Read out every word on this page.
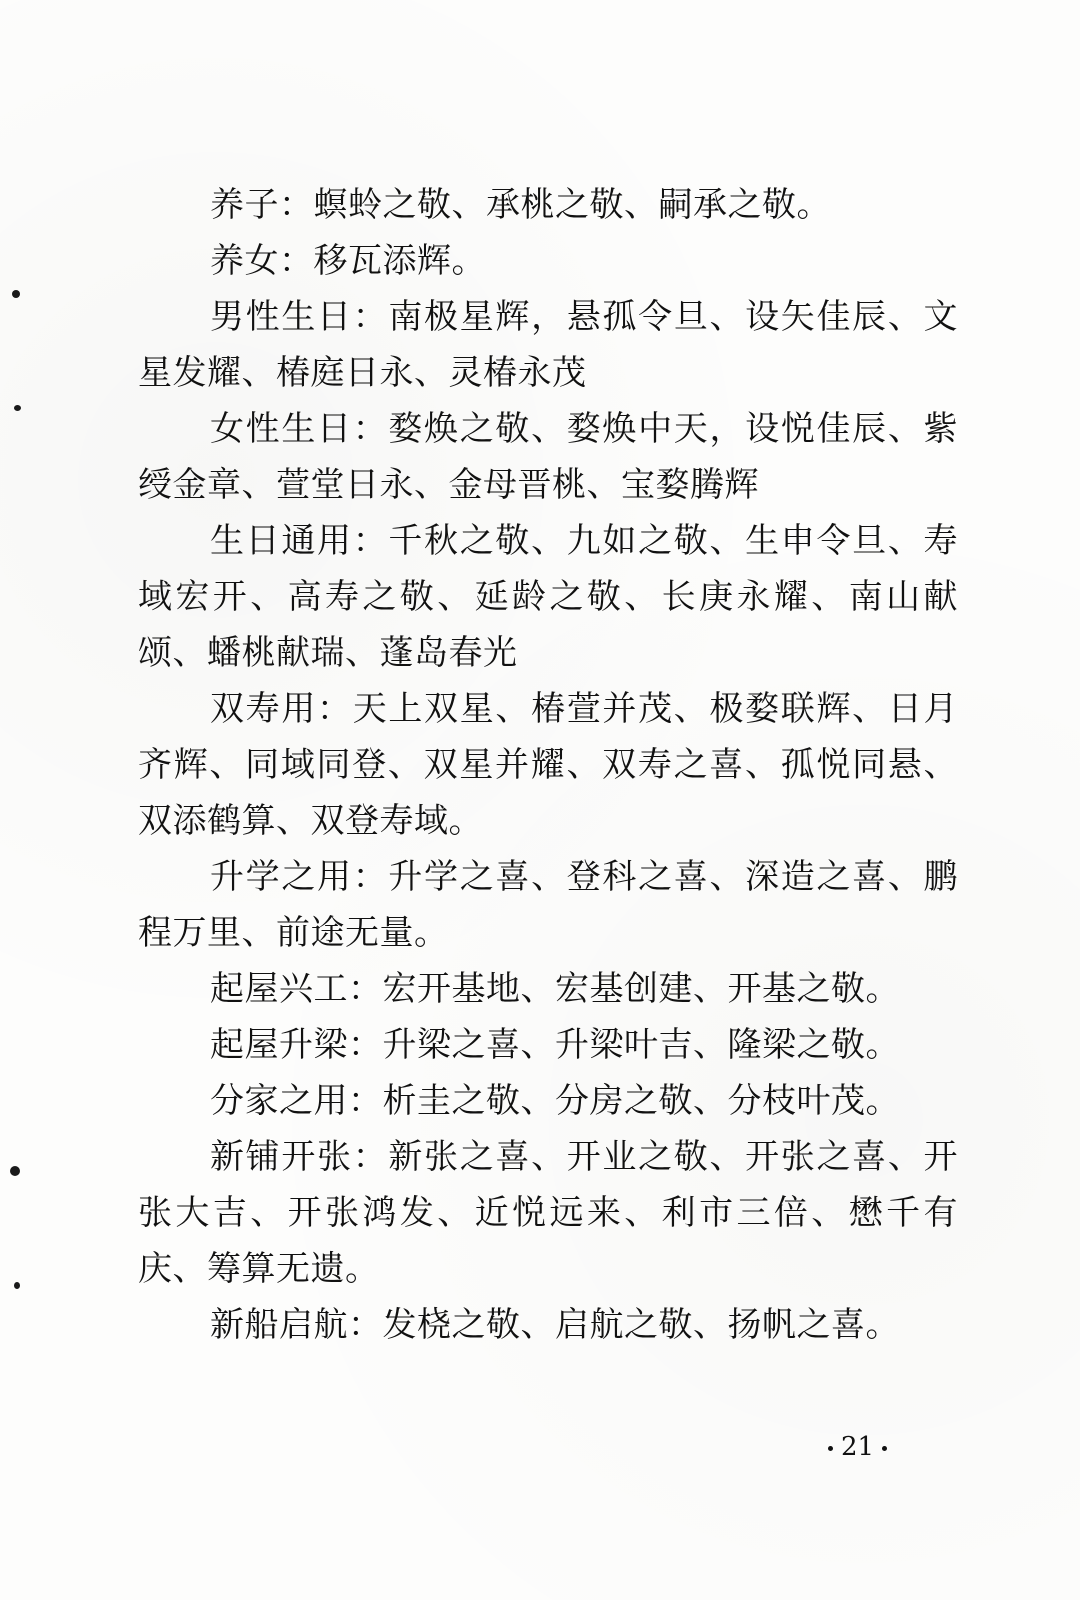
养子：螟蛉之敬、承桃之敬、嗣承之敬。

养女：移瓦添辉。

男性生日：南极星辉，悬孤令旦、设矢佳辰、文星发耀、椿庭日永、灵椿永茂

女性生日：婺焕之敬、婺焕中天，设悦佳辰、紫绶金章、萱堂日永、金母晋桃、宝婺腾辉

生日通用：千秋之敬、九如之敬、生申令旦、寿域宏开、高寿之敬、延龄之敬、长庚永耀、南山献颂、蟠桃献瑞、蓬岛春光

双寿用：天上双星、椿萱并茂、极婺联辉、日月齐辉、同域同登、双星并耀、双寿之喜、孤悦同悬、双添鹤算、双登寿域。

升学之用：升学之喜、登科之喜、深造之喜、鹏程万里、前途无量。

起屋兴工：宏开基地、宏基创建、开基之敬。

起屋升梁：升梁之喜、升梁叶吉、隆梁之敬。

分家之用：析圭之敬、分房之敬、分枝叶茂。

新铺开张：新张之喜、开业之敬、开张之喜、开张大吉、开张鸿发、近悦远来、利市三倍、懋千有庆、筹算无遗。

新船启航：发桡之敬、启航之敬、扬帆之喜。

21
